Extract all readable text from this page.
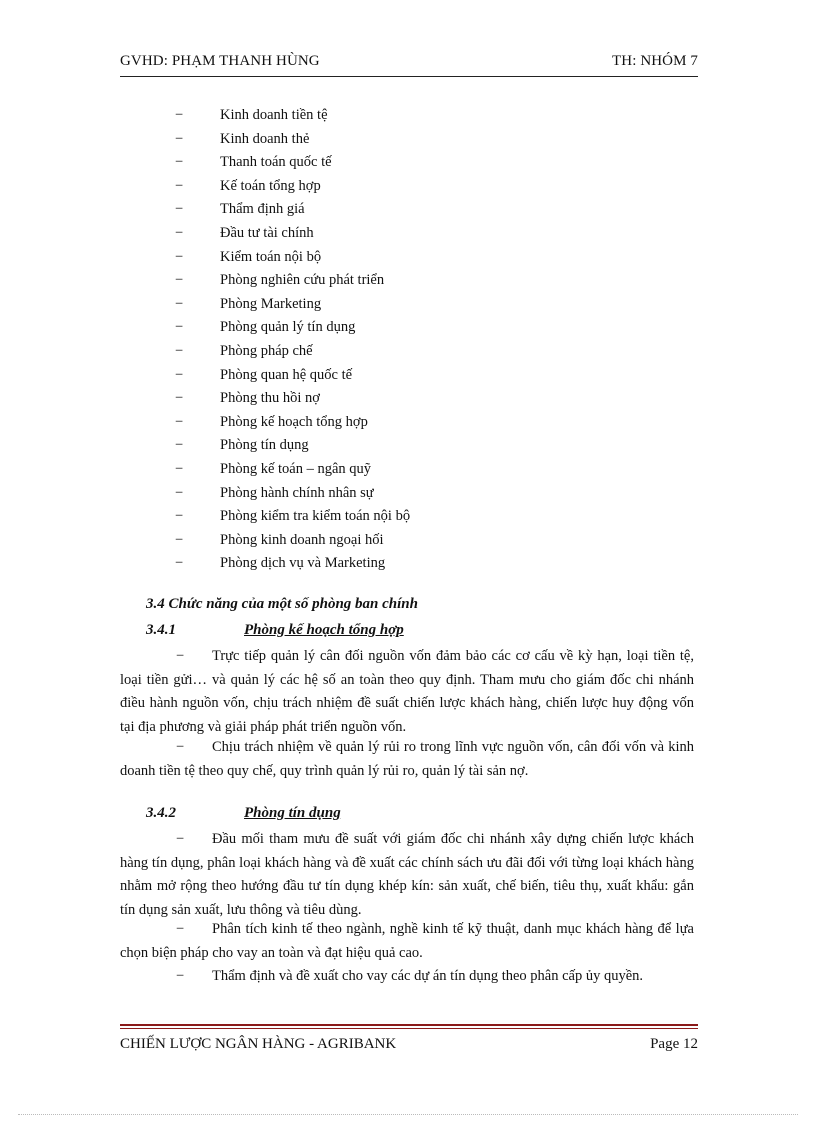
GVHD: PHẠM THANH HÙNG	TH: NHÓM 7
−	Kinh doanh tiền tệ
−	Kinh doanh thẻ
−	Thanh toán quốc tế
−	Kế toán tổng hợp
−	Thẩm định giá
−	Đầu tư tài chính
−	Kiểm toán nội bộ
−	Phòng nghiên cứu phát triển
−	Phòng Marketing
−	Phòng quản lý tín dụng
−	Phòng pháp chế
−	Phòng quan hệ quốc tế
−	Phòng thu hồi nợ
−	Phòng kế hoạch tổng hợp
−	Phòng tín dụng
−	Phòng kế toán – ngân quỹ
−	Phòng hành chính nhân sự
−	Phòng kiểm tra kiểm toán nội bộ
−	Phòng kinh doanh ngoại hối
−	Phòng dịch vụ và Marketing
3.4 Chức năng của một số phòng ban chính
3.4.1	Phòng kế hoạch tổng hợp
− Trực tiếp quản lý cân đối nguồn vốn đảm bảo các cơ cấu về kỳ hạn, loại tiền tệ, loại tiền gửi… và quản lý các hệ số an toàn theo quy định. Tham mưu cho giám đốc chi nhánh điều hành nguồn vốn, chịu trách nhiệm đề suất chiến lược khách hàng, chiến lược huy động vốn tại địa phương và giải pháp phát triển nguồn vốn.
− Chịu trách nhiệm về quản lý rủi ro trong lĩnh vực nguồn vốn, cân đối vốn và kinh doanh tiền tệ theo quy chế, quy trình quản lý rủi ro, quản lý tài sản nợ.
3.4.2	Phòng tín dụng
− Đầu mối tham mưu đề suất với giám đốc chi nhánh xây dựng chiến lược khách hàng tín dụng, phân loại khách hàng và đề xuất các chính sách ưu đãi đối với từng loại khách hàng nhằm mở rộng theo hướng đầu tư tín dụng khép kín: sản xuất, chế biến, tiêu thụ, xuất khẩu: gắn tín dụng sản xuất, lưu thông và tiêu dùng.
− Phân tích kinh tế theo ngành, nghề kinh tế kỹ thuật, danh mục khách hàng để lựa chọn biện pháp cho vay an toàn và đạt hiệu quả cao.
− Thẩm định và đề xuất cho vay các dự án tín dụng theo phân cấp ủy quyền.
CHIẾN LƯỢC NGÂN HÀNG - AGRIBANK	Page 12
